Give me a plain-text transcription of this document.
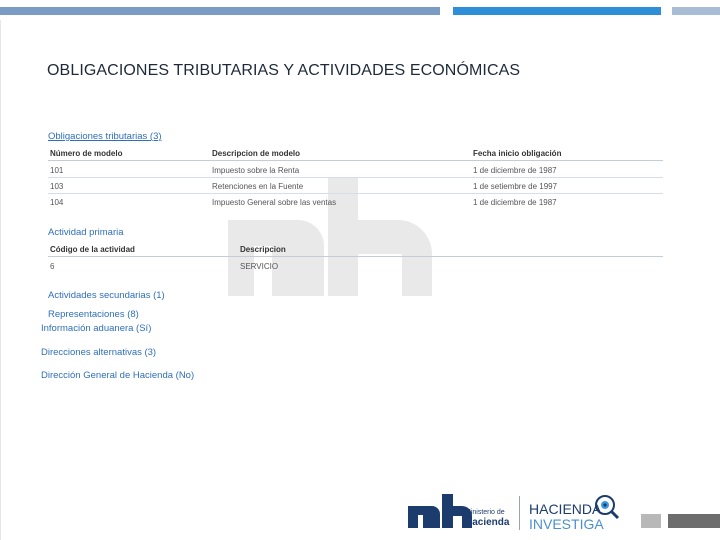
OBLIGACIONES TRIBUTARIAS Y ACTIVIDADES ECONÓMICAS
Obligaciones tributarias (3)
Número de modelo	Descripcion de modelo	Fecha inicio obligación
101	Impuesto sobre la Renta	1 de diciembre de 1987
103	Retenciones en la Fuente	1 de setiembre de 1997
104	Impuesto General sobre las ventas	1 de diciembre de 1987
Actividad primaria
Código de la actividad	Descripcion
6	SERVICIO
Actividades secundarias (1)
Representaciones (8)
Información aduanera (Sí)
Direcciones alternativas (3)
Dirección General de Hacienda (No)
Ministerio de
Hacienda
HACIENDA
INVESTIGA
